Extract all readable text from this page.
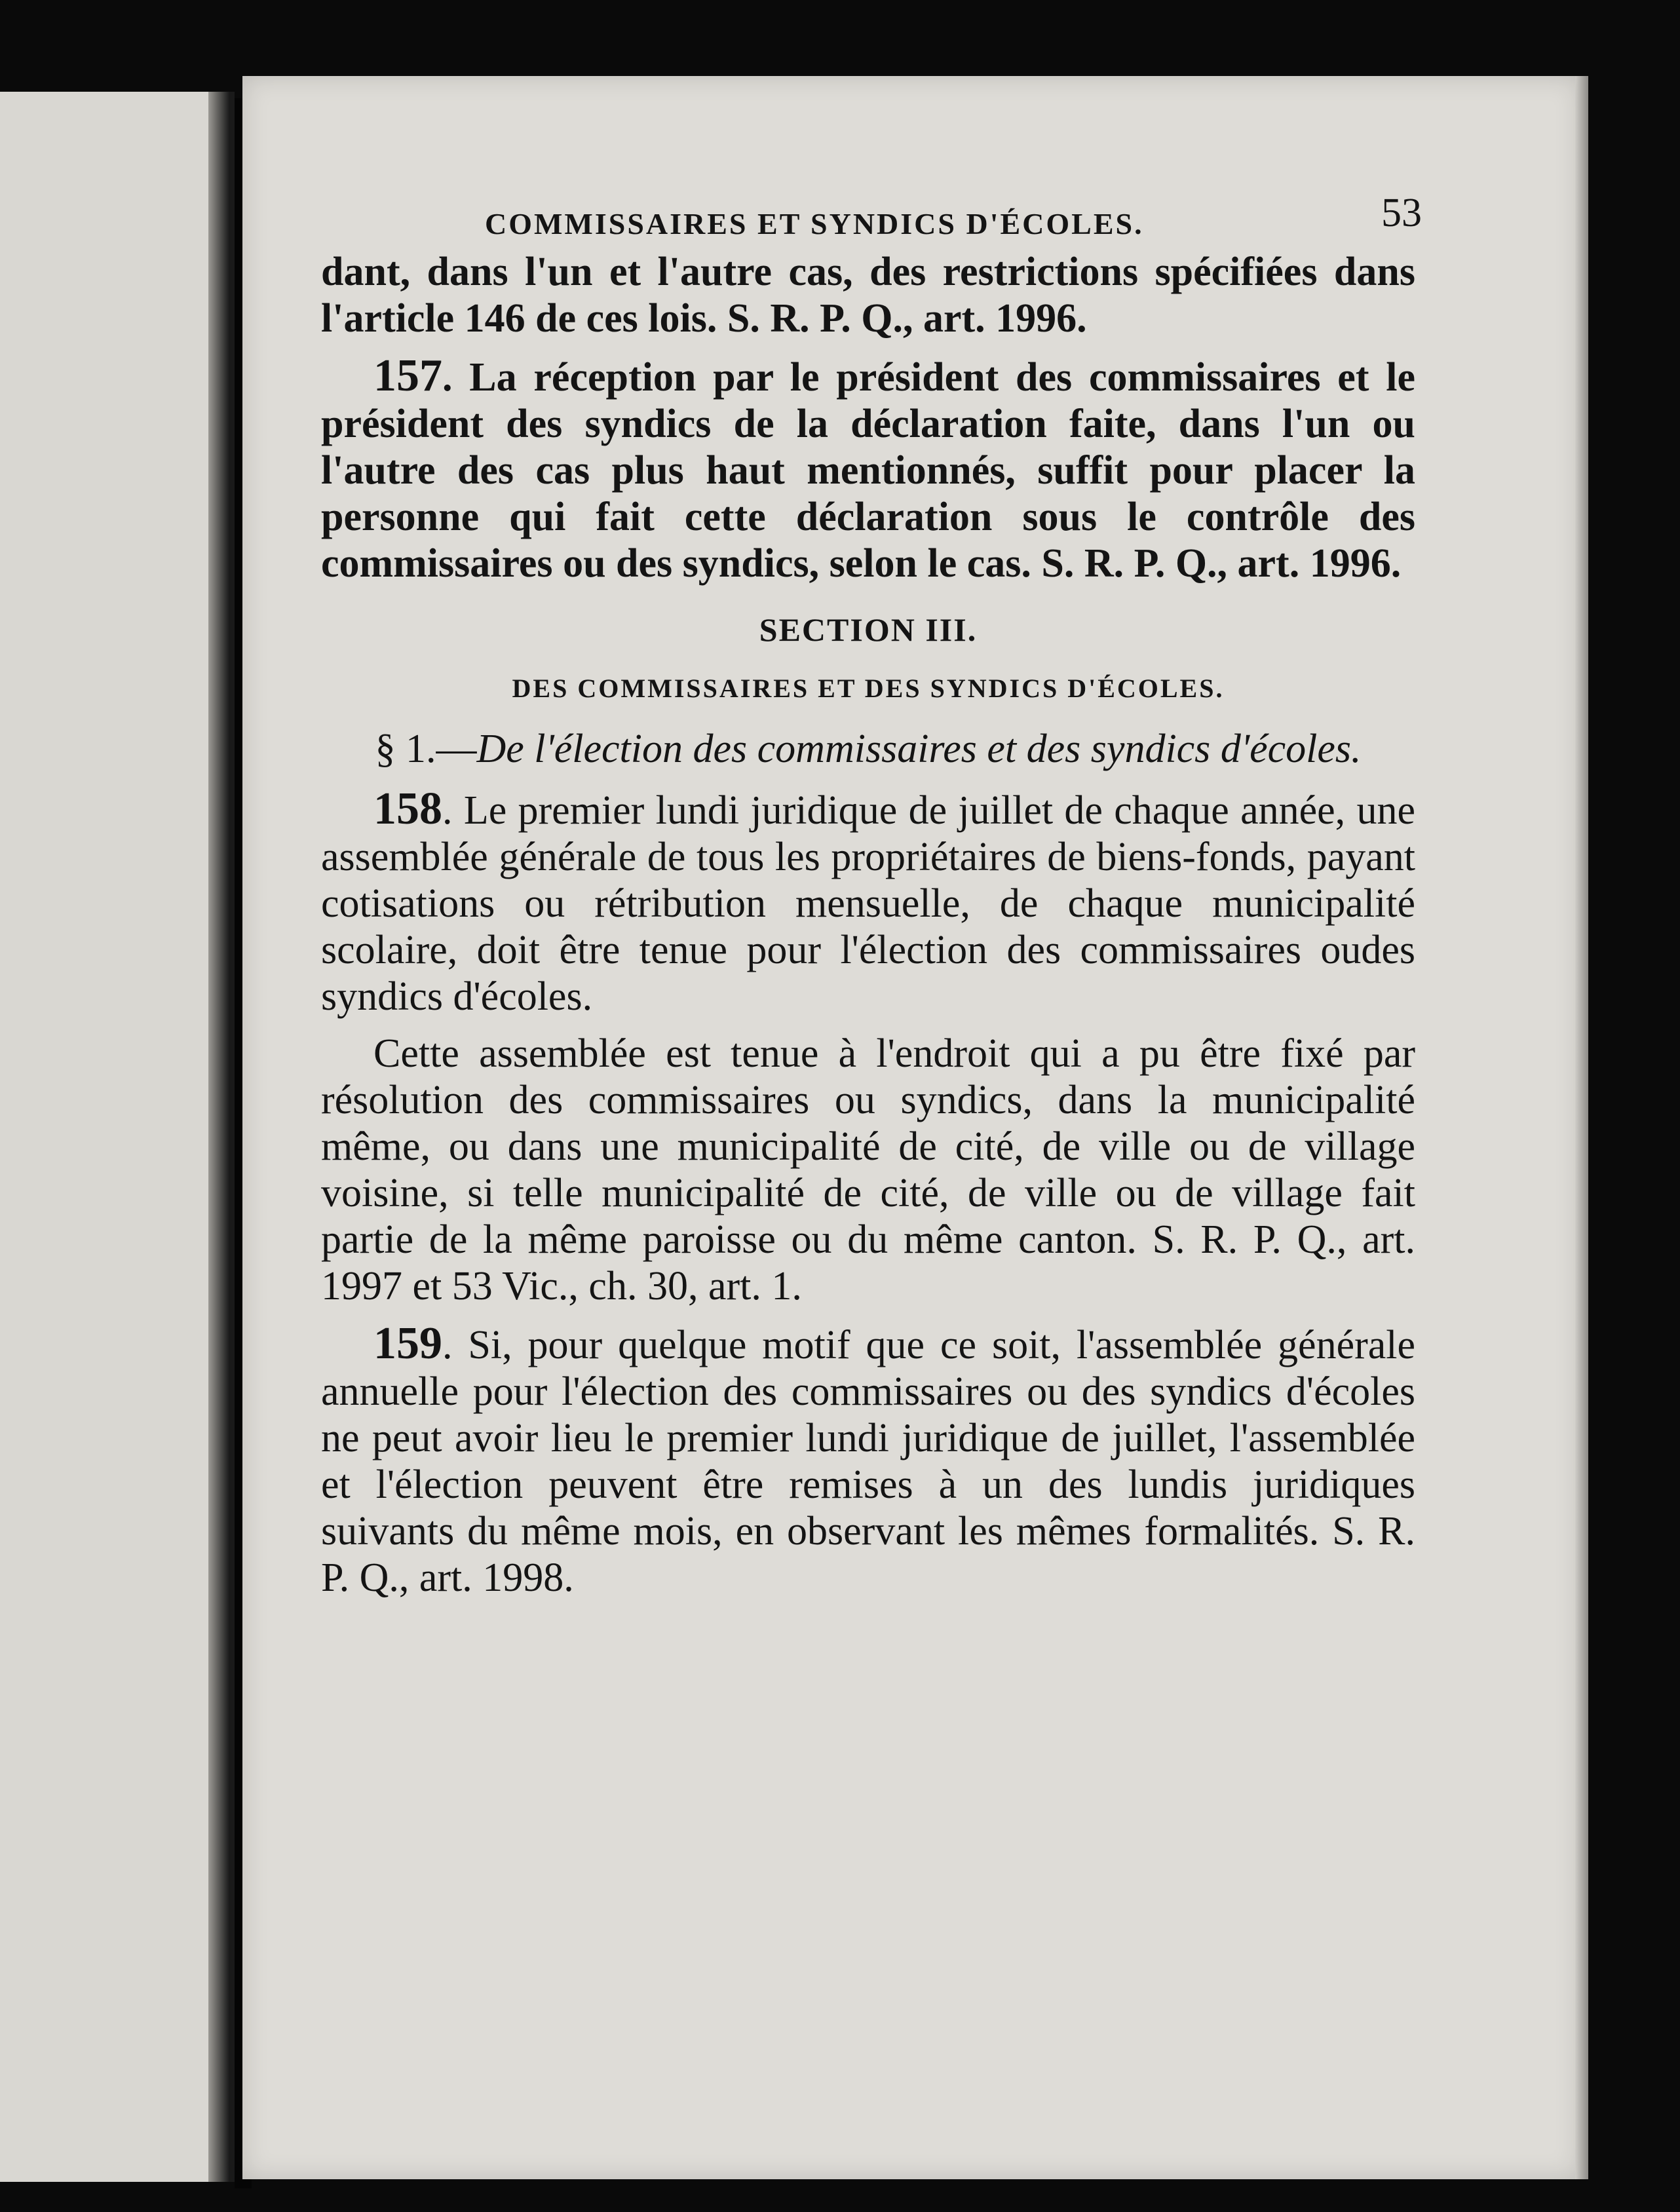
COMMISSAIRES ET SYNDICS D'ÉCOLES.	53

dant, dans l'un et l'autre cas, des restrictions spécifiées dans l'article 146 de ces lois. S. R. P. Q., art. 1996.

157. La réception par le président des commissaires et le président des syndics de la déclaration faite, dans l'un ou l'autre des cas plus haut mentionnés, suffit pour placer la personne qui fait cette déclaration sous le contrôle des commissaires ou des syndics, selon le cas. S. R. P. Q., art. 1996.

SECTION III.
DES COMMISSAIRES ET DES SYNDICS D'ÉCOLES.
§ 1.—De l'élection des commissaires et des syndics d'écoles.

158. Le premier lundi juridique de juillet de chaque année, une assemblée générale de tous les propriétaires de biens-fonds, payant cotisations ou rétribution mensuelle, de chaque municipalité scolaire, doit être tenue pour l'élection des commissaires oudes syndics d'écoles.

Cette assemblée est tenue à l'endroit qui a pu être fixé par résolution des commissaires ou syndics, dans la municipalité même, ou dans une municipalité de cité, de ville ou de village voisine, si telle municipalité de cité, de ville ou de village fait partie de la même paroisse ou du même canton. S. R. P. Q., art. 1997 et 53 Vic., ch. 30, art. 1.

159. Si, pour quelque motif que ce soit, l'assemblée générale annuelle pour l'élection des commissaires ou des syndics d'écoles ne peut avoir lieu le premier lundi juridique de juillet, l'assemblée et l'élection peuvent être remises à un des lundis juridiques suivants du même mois, en observant les mêmes formalités. S. R. P. Q., art. 1998.
